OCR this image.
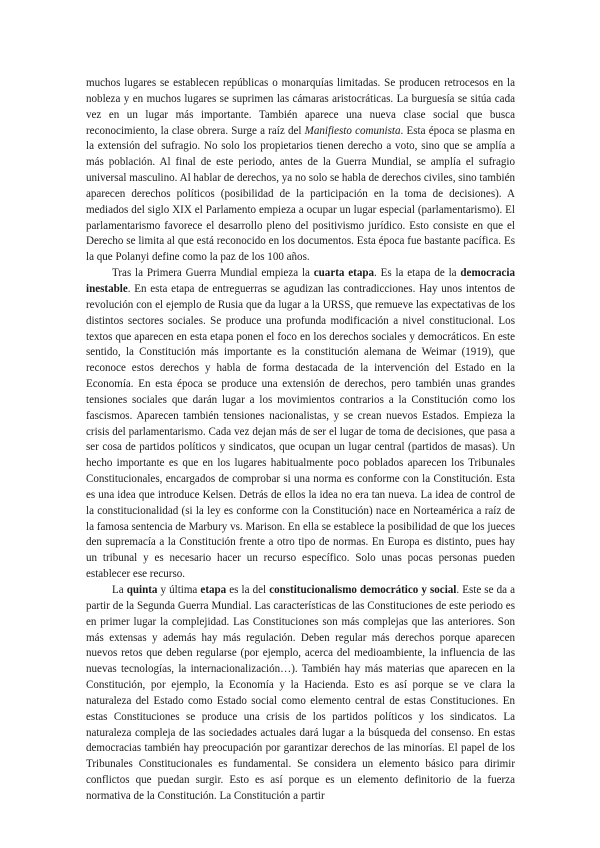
muchos lugares se establecen repúblicas o monarquías limitadas. Se producen retrocesos en la nobleza y en muchos lugares se suprimen las cámaras aristocráticas. La burguesía se sitúa cada vez en un lugar más importante. También aparece una nueva clase social que busca reconocimiento, la clase obrera. Surge a raíz del Manifiesto comunista. Esta época se plasma en la extensión del sufragio. No solo los propietarios tienen derecho a voto, sino que se amplía a más población. Al final de este periodo, antes de la Guerra Mundial, se amplía el sufragio universal masculino. Al hablar de derechos, ya no solo se habla de derechos civiles, sino también aparecen derechos políticos (posibilidad de la participación en la toma de decisiones). A mediados del siglo XIX el Parlamento empieza a ocupar un lugar especial (parlamentarismo). El parlamentarismo favorece el desarrollo pleno del positivismo jurídico. Esto consiste en que el Derecho se limita al que está reconocido en los documentos. Esta época fue bastante pacífica. Es la que Polanyi define como la paz de los 100 años.

Tras la Primera Guerra Mundial empieza la cuarta etapa. Es la etapa de la democracia inestable. En esta etapa de entreguerras se agudizan las contradicciones. Hay unos intentos de revolución con el ejemplo de Rusia que da lugar a la URSS, que remueve las expectativas de los distintos sectores sociales. Se produce una profunda modificación a nivel constitucional. Los textos que aparecen en esta etapa ponen el foco en los derechos sociales y democráticos. En este sentido, la Constitución más importante es la constitución alemana de Weimar (1919), que reconoce estos derechos y habla de forma destacada de la intervención del Estado en la Economía. En esta época se produce una extensión de derechos, pero también unas grandes tensiones sociales que darán lugar a los movimientos contrarios a la Constitución como los fascismos. Aparecen también tensiones nacionalistas, y se crean nuevos Estados. Empieza la crisis del parlamentarismo. Cada vez dejan más de ser el lugar de toma de decisiones, que pasa a ser cosa de partidos políticos y sindicatos, que ocupan un lugar central (partidos de masas). Un hecho importante es que en los lugares habitualmente poco poblados aparecen los Tribunales Constitucionales, encargados de comprobar si una norma es conforme con la Constitución. Esta es una idea que introduce Kelsen. Detrás de ellos la idea no era tan nueva. La idea de control de la constitucionalidad (si la ley es conforme con la Constitución) nace en Norteamérica a raíz de la famosa sentencia de Marbury vs. Marison. En ella se establece la posibilidad de que los jueces den supremacía a la Constitución frente a otro tipo de normas. En Europa es distinto, pues hay un tribunal y es necesario hacer un recurso específico. Solo unas pocas personas pueden establecer ese recurso.

La quinta y última etapa es la del constitucionalismo democrático y social. Este se da a partir de la Segunda Guerra Mundial. Las características de las Constituciones de este periodo es en primer lugar la complejidad. Las Constituciones son más complejas que las anteriores. Son más extensas y además hay más regulación. Deben regular más derechos porque aparecen nuevos retos que deben regularse (por ejemplo, acerca del medioambiente, la influencia de las nuevas tecnologías, la internacionalización…). También hay más materias que aparecen en la Constitución, por ejemplo, la Economía y la Hacienda. Esto es así porque se ve clara la naturaleza del Estado como Estado social como elemento central de estas Constituciones. En estas Constituciones se produce una crisis de los partidos políticos y los sindicatos. La naturaleza compleja de las sociedades actuales dará lugar a la búsqueda del consenso. En estas democracias también hay preocupación por garantizar derechos de las minorías. El papel de los Tribunales Constitucionales es fundamental. Se considera un elemento básico para dirimir conflictos que puedan surgir. Esto es así porque es un elemento definitorio de la fuerza normativa de la Constitución. La Constitución a partir
